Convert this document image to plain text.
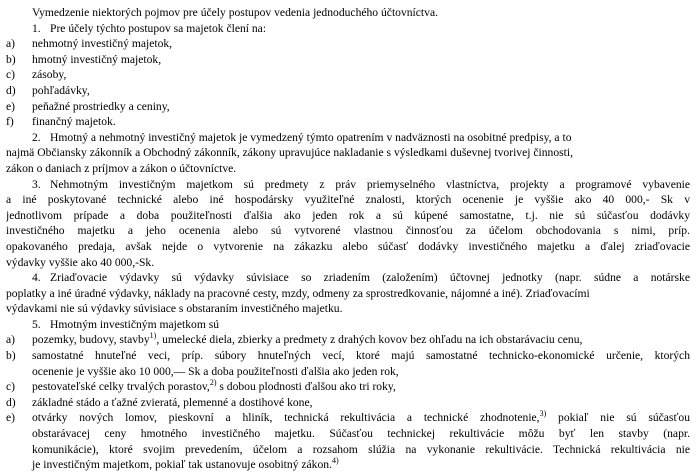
Vymedzenie niektorých pojmov pre účely postupov vedenia jednoduchého účtovníctva.
1. Pre účely týchto postupov sa majetok člení na:
a)	nehmotný investičný majetok,
b)	hmotný investičný majetok,
c)	zásoby,
d)	pohľadávky,
e)	peňažné prostriedky a ceniny,
f)	finančný majetok.
2. Hmotný a nehmotný investičný majetok je vymedzený týmto opatrením v nadväznosti na osobitné predpisy, a to
najmä Občiansky zákonník a Obchodný zákonník, zákony upravujúce nakladanie s výsledkami duševnej tvorivej činnosti,
zákon o daniach z príjmov a zákon o účtovníctve.
3. Nehmotným investičným majetkom sú predmety z práv priemyselného vlastníctva, projekty a programové vybavenie
a iné poskytované technické alebo iné hospodársky využiteľné znalosti, ktorých ocenenie je vyššie ako 40 000,- Sk v
jednotlivom prípade a doba použiteľnosti ďalšia ako jeden rok a sú kúpené samostatne, t.j. nie sú súčasťou dodávky
investičného majetku a jeho ocenenia alebo sú vytvorené vlastnou činnosťou za účelom obchodovania s nimi, príp.
opakovaného predaja, avšak nejde o vytvorenie na zákazku alebo súčasť dodávky investičného majetku a ďalej zriaďovacie
výdavky vyššie ako 40 000,-Sk.
4. Zriaďovacie výdavky sú výdavky súvisiace so zriadením (založením) účtovnej jednotky (napr. súdne a notárske
poplatky a iné úradné výdavky, náklady na pracovné cesty, mzdy, odmeny za sprostredkovanie, nájomné a iné). Zriaďovacími
výdavkami nie sú výdavky súvisiace s obstaraním investičného majetku.
5. Hmotným investičným majetkom sú
a)	pozemky, budovy, stavby$^{1)}$, umelecké diela, zbierky a predmety z drahých kovov bez ohľadu na ich obstarávaciu cenu,
b)	samostatné hnuteľné veci, príp. súbory hnuteľných vecí, ktoré majú samostatné technicko-ekonomické určenie, ktorých
ocenenie je vyššie ako 10 000,— Sk a doba použiteľnosti ďalšia ako jeden rok,
c)	pestovateľské celky trvalých porastov,$^{2)}$ s dobou plodnosti ďalšou ako tri roky,
d)	základné stádo a ťažné zvieratá, plemenné a dostihové kone,
e)	otvárky nových lomov, pieskovní a hliník, technická rekultivácia a technické zhodnotenie,$^{3)}$ pokiaľ nie sú súčasťou
obstarávacej ceny hmotného investičného majetku. Súčasťou technickej rekultivácie môžu byť len stavby (napr.
komunikácie), ktoré svojim prevedením, účelom a rozsahom slúžia na vykonanie rekultivácie. Technická rekultivácia nie
je investičným majetkom, pokiaľ tak ustanovuje osobitný zákon.$^{4)}$
